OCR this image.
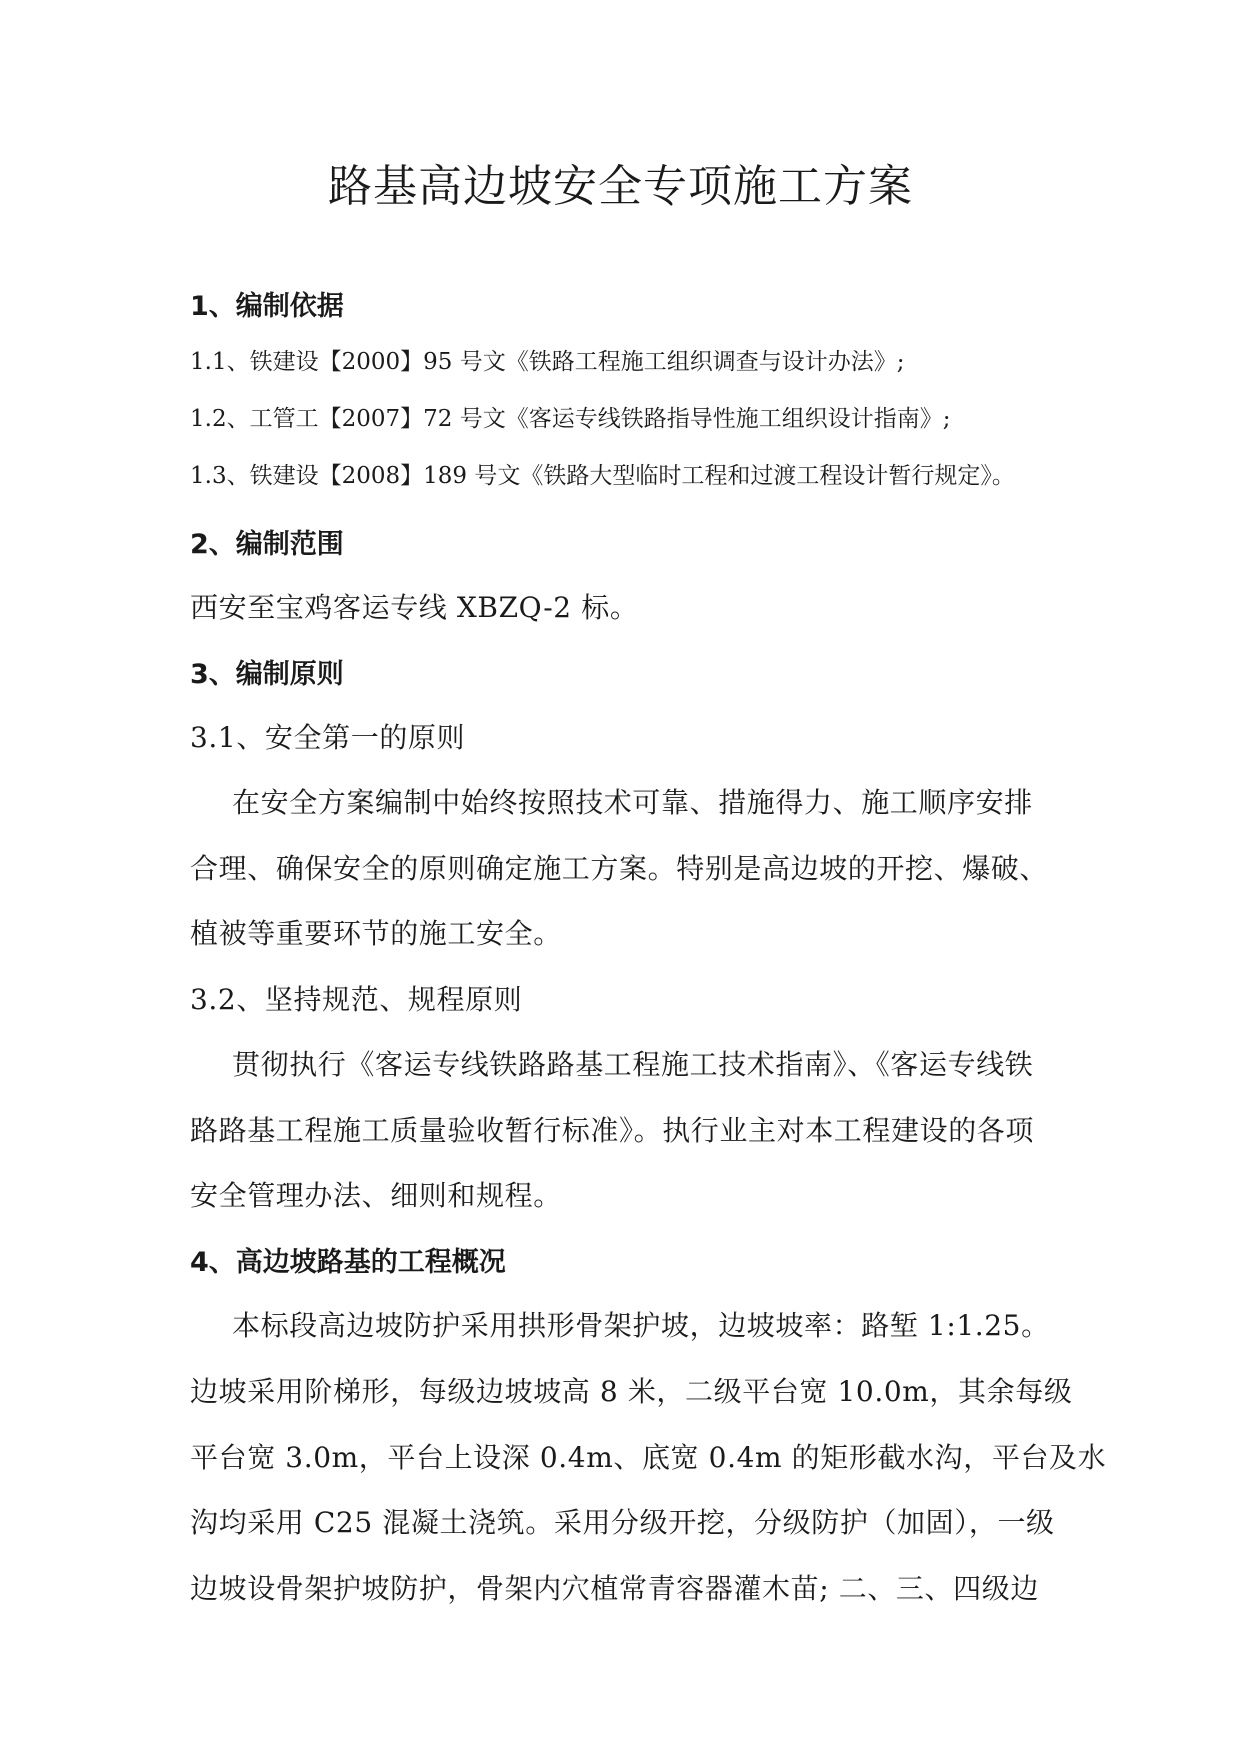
路基高边坡安全专项施工方案

1、编制依据

1.1、铁建设【2000】95 号文《铁路工程施工组织调查与设计办法》;

1.2、工管工【2007】72 号文《客运专线铁路指导性施工组织设计指南》;

1.3、铁建设【2008】189 号文《铁路大型临时工程和过渡工程设计暂行规定》。

2、编制范围

西安至宝鸡客运专线 XBZQ-2 标。

3、编制原则

3.1、安全第一的原则

在安全方案编制中始终按照技术可靠、措施得力、施工顺序安排

合理、确保安全的原则确定施工方案。特别是高边坡的开挖、爆破、

植被等重要环节的施工安全。

3.2、坚持规范、规程原则

贯彻执行《客运专线铁路路基工程施工技术指南》、《客运专线铁

路路基工程施工质量验收暂行标准》。执行业主对本工程建设的各项

安全管理办法、细则和规程。

4、高边坡路基的工程概况

本标段高边坡防护采用拱形骨架护坡，边坡坡率：路堑 1:1.25。

边坡采用阶梯形，每级边坡坡高 8 米，二级平台宽 10.0m，其余每级

平台宽 3.0m，平台上设深 0.4m、底宽 0.4m 的矩形截水沟，平台及水

沟均采用 C25 混凝土浇筑。采用分级开挖，分级防护（加固），一级

边坡设骨架护坡防护，骨架内穴植常青容器灌木苗; 二、三、四级边
